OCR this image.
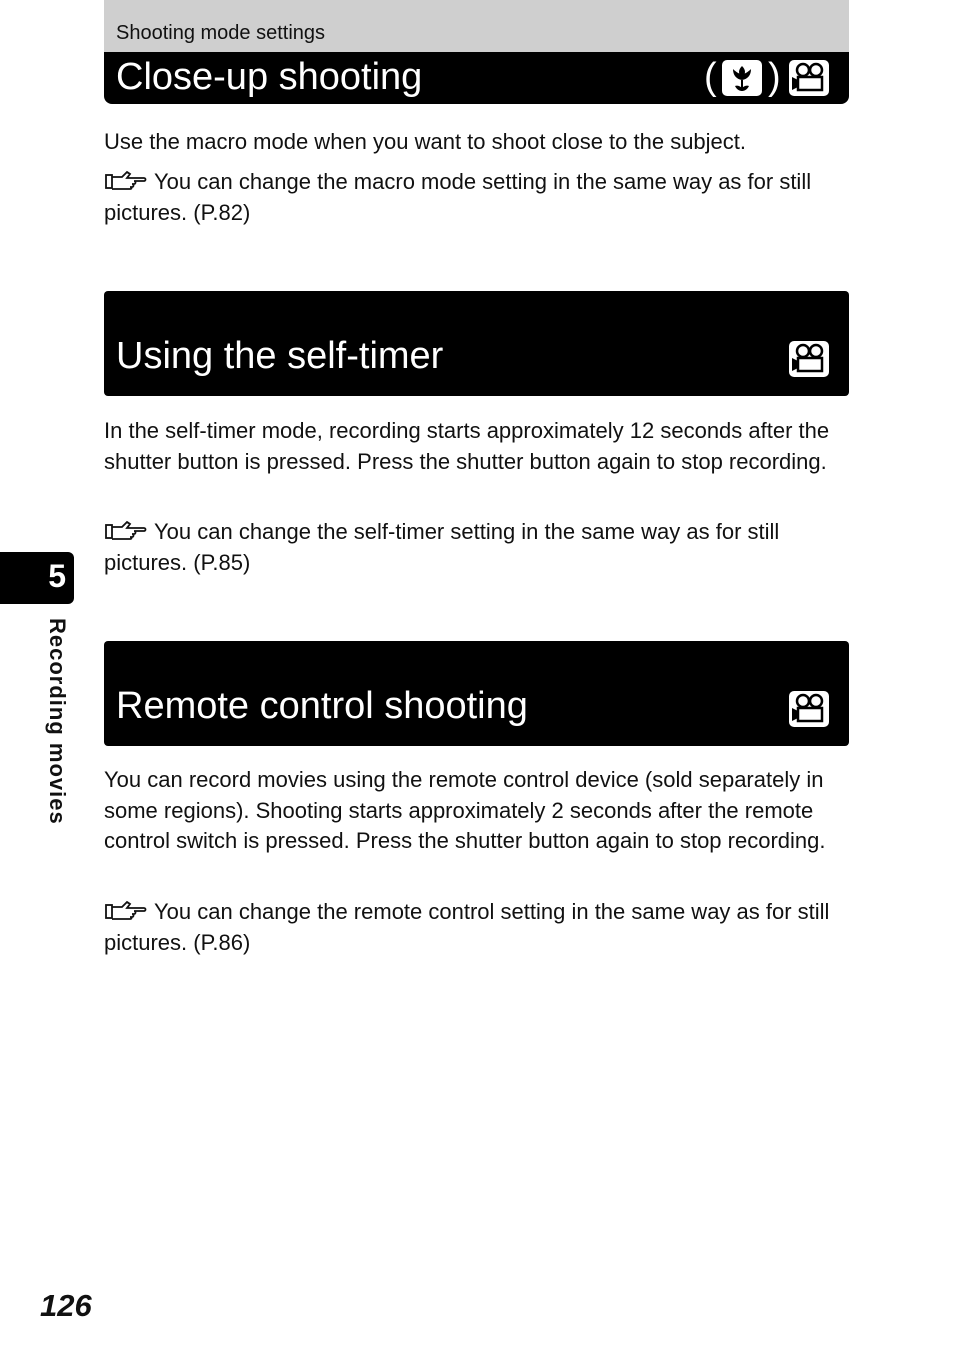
Shooting mode settings
Close-up shooting	( )
Use the macro mode when you want to shoot close to the subject.
You can change the macro mode setting in the same way as for still pictures. (P.82)
Using the self-timer
In the self-timer mode, recording starts approximately 12 seconds after the shutter button is pressed. Press the shutter button again to stop recording.
You can change the self-timer setting in the same way as for still pictures. (P.85)
Remote control shooting
You can record movies using the remote control device (sold separately in some regions). Shooting starts approximately 2 seconds after the remote control switch is pressed. Press the shutter button again to stop recording.
You can change the remote control setting in the same way as for still pictures. (P.86)
5
Recording movies
126
